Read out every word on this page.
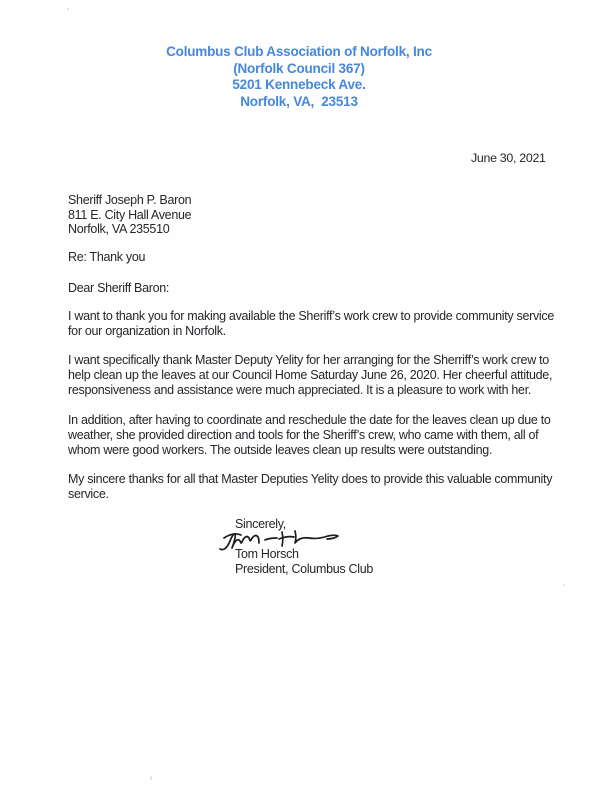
Columbus Club Association of Norfolk, Inc
(Norfolk Council 367)
5201 Kennebeck Ave.
Norfolk, VA,  23513
June 30, 2021
Sheriff Joseph P. Baron
811 E. City Hall Avenue
Norfolk, VA 235510
Re: Thank you
Dear Sheriff Baron:
I want to thank you for making available the Sheriff’s work crew to provide community service
for our organization in Norfolk.
I want specifically thank Master Deputy Yelity for her arranging for the Sherriff’s work crew to
help clean up the leaves at our Council Home Saturday June 26, 2020. Her cheerful attitude,
responsiveness and assistance were much appreciated. It is a pleasure to work with her.
In addition, after having to coordinate and reschedule the date for the leaves clean up due to
weather, she provided direction and tools for the Sheriff’s crew, who came with them, all of
whom were good workers. The outside leaves clean up results were outstanding.
My sincere thanks for all that Master Deputies Yelity does to provide this valuable community
service.
Sincerely,
Tom Horsch
President, Columbus Club
